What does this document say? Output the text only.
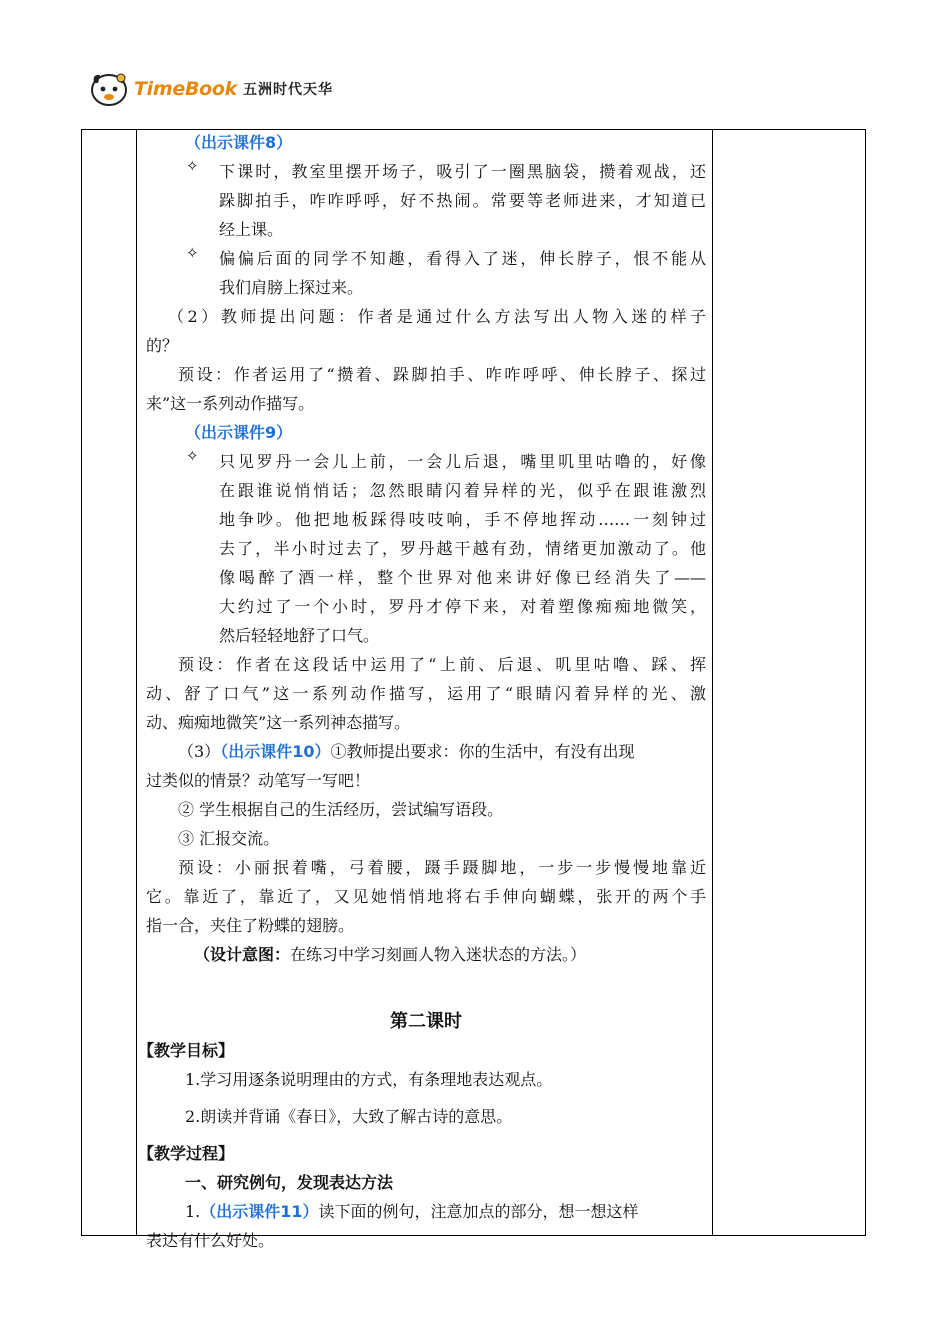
TimeBook 五洲时代天华
（出示课件8）
✧	下课时，教室里摆开场子，吸引了一圈黑脑袋，攒着观战，还
跺脚拍手，咋咋呼呼，好不热闹。常要等老师进来，才知道已
经上课。
✧	偏偏后面的同学不知趣，看得入了迷，伸长脖子，恨不能从
我们肩膀上探过来。
（2）教师提出问题：作者是通过什么方法写出人物入迷的样子
的？
预设：作者运用了“攒着、跺脚拍手、咋咋呼呼、伸长脖子、探过
来”这一系列动作描写。
（出示课件9）
✧	只见罗丹一会儿上前，一会儿后退，嘴里叽里咕噜的，好像
在跟谁说悄悄话；忽然眼睛闪着异样的光，似乎在跟谁激烈
地争吵。他把地板踩得吱吱响，手不停地挥动……一刻钟过
去了，半小时过去了，罗丹越干越有劲，情绪更加激动了。他
像喝醉了酒一样，整个世界对他来讲好像已经消失了——
大约过了一个小时，罗丹才停下来，对着塑像痴痴地微笑，
然后轻轻地舒了口气。
预设：作者在这段话中运用了“上前、后退、叽里咕噜、踩、挥
动、舒了口气”这一系列动作描写，运用了“眼睛闪着异样的光、激
动、痴痴地微笑”这一系列神态描写。
（3）（出示课件10）①教师提出要求：你的生活中，有没有出现
过类似的情景？动笔写一写吧！
② 学生根据自己的生活经历，尝试编写语段。
③ 汇报交流。
预设：小丽抿着嘴，弓着腰，蹑手蹑脚地，一步一步慢慢地靠近
它。靠近了，靠近了，又见她悄悄地将右手伸向蝴蝶，张开的两个手
指一合，夹住了粉蝶的翅膀。
（设计意图：在练习中学习刻画人物入迷状态的方法。）
第二课时
【教学目标】
1.学习用逐条说明理由的方式，有条理地表达观点。
2.朗读并背诵《春日》，大致了解古诗的意思。
【教学过程】
一、研究例句，发现表达方法
1.（出示课件11）读下面的例句，注意加点的部分，想一想这样
表达有什么好处。
